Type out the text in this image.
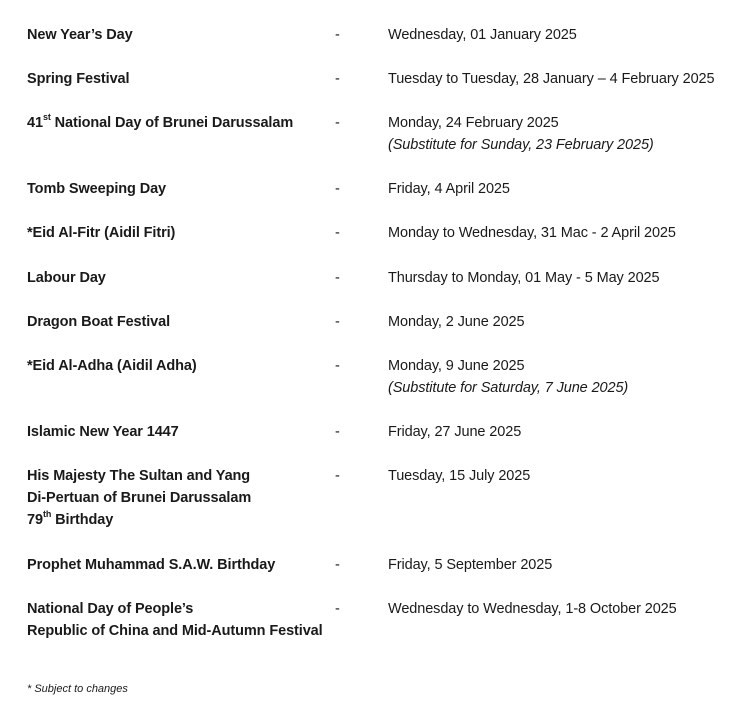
New Year’s Day	-	Wednesday, 01 January 2025
Spring Festival	-	Tuesday to Tuesday, 28 January – 4 February 2025
41st National Day of Brunei Darussalam	-	Monday, 24 February 2025
(Substitute for Sunday, 23 February 2025)
Tomb Sweeping Day	-	Friday, 4 April 2025
*Eid Al-Fitr (Aidil Fitri)	-	Monday to Wednesday, 31 Mac - 2 April 2025
Labour Day	-	Thursday to Monday, 01 May - 5 May 2025
Dragon Boat Festival	-	Monday, 2 June 2025
*Eid Al-Adha (Aidil Adha)	-	Monday, 9 June 2025
(Substitute for Saturday, 7 June 2025)
Islamic New Year 1447	-	Friday, 27 June 2025
His Majesty The Sultan and Yang
Di-Pertuan of Brunei Darussalam
79th Birthday
-	Tuesday, 15 July 2025
Prophet Muhammad S.A.W. Birthday	-	Friday, 5 September 2025
National Day of People’s
Republic of China and Mid-Autumn Festival
-	Wednesday to Wednesday, 1-8 October 2025
* Subject to changes
